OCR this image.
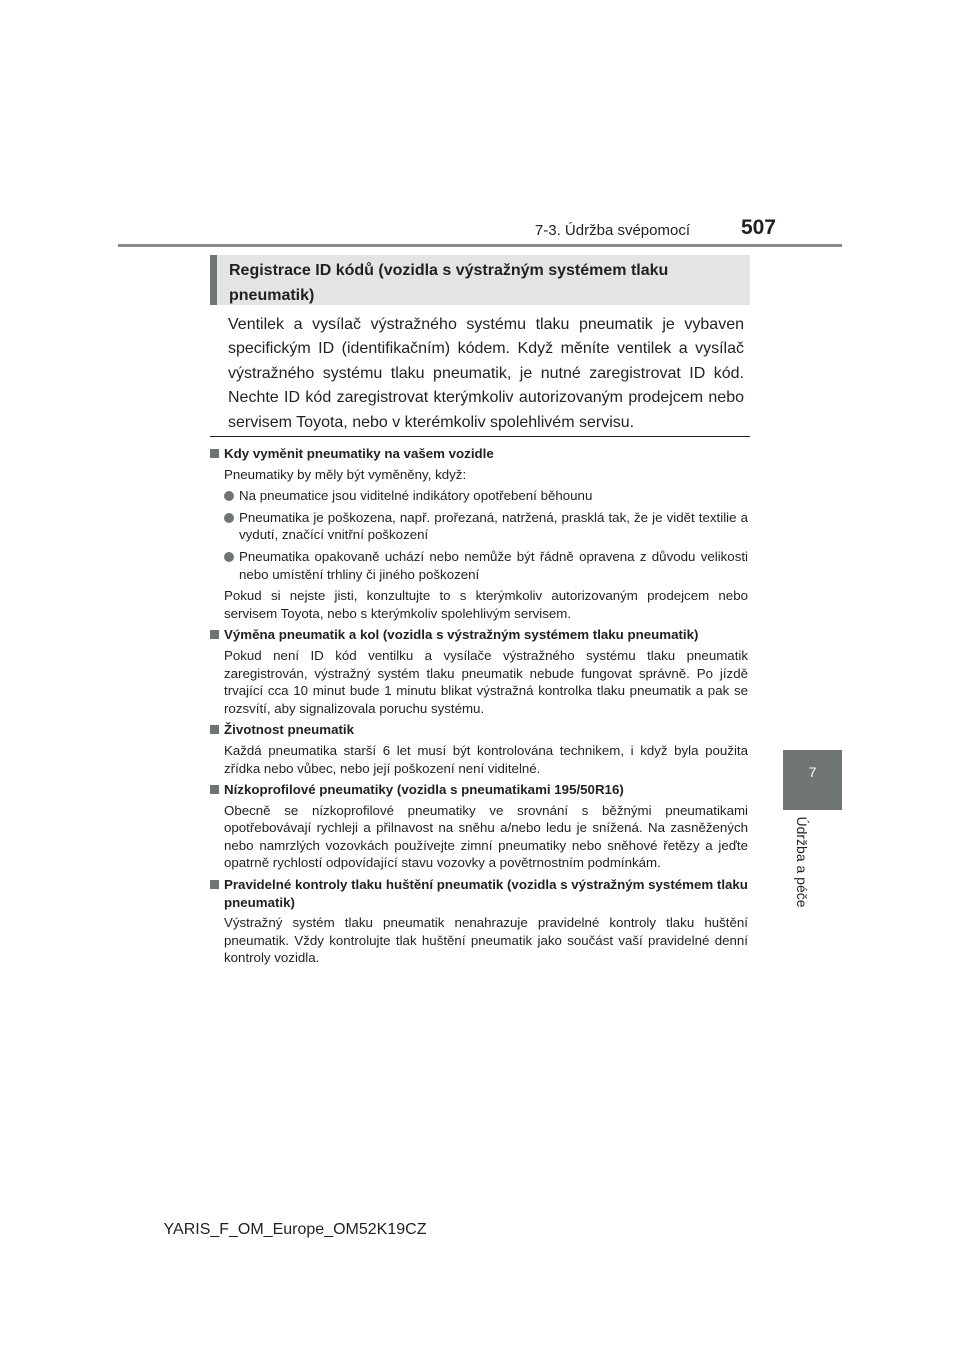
7-3. Údržba svépomocí	507
7
Údržba a péče
Registrace ID kódů (vozidla s výstražným systémem tlaku pneumatik)
Ventilek a vysílač výstražného systému tlaku pneumatik je vybaven specifickým ID (identifikačním) kódem. Když měníte ventilek a vysílač výstražného systému tlaku pneumatik, je nutné zaregistrovat ID kód. Nechte ID kód zaregistrovat kterýmkoliv autorizovaným prodejcem nebo servisem Toyota, nebo v kterémkoliv spolehlivém servisu.
Kdy vyměnit pneumatiky na vašem vozidle
Pneumatiky by měly být vyměněny, když:
Na pneumatice jsou viditelné indikátory opotřebení běhounu
Pneumatika je poškozena, např. prořezaná, natržená, prasklá tak, že je vidět textilie a vydutí, značící vnitřní poškození
Pneumatika opakovaně uchází nebo nemůže být řádně opravena z důvodu velikosti nebo umístění trhliny či jiného poškození
Pokud si nejste jisti, konzultujte to s kterýmkoliv autorizovaným prodejcem nebo servisem Toyota, nebo s kterýmkoliv spolehlivým servisem.
Výměna pneumatik a kol (vozidla s výstražným systémem tlaku pneumatik)
Pokud není ID kód ventilku a vysílače výstražného systému tlaku pneumatik zaregistrován, výstražný systém tlaku pneumatik nebude fungovat správně. Po jízdě trvající cca 10 minut bude 1 minutu blikat výstražná kontrolka tlaku pneumatik a pak se rozsvítí, aby signalizovala poruchu systému.
Životnost pneumatik
Každá pneumatika starší 6 let musí být kontrolována technikem, i když byla použita zřídka nebo vůbec, nebo její poškození není viditelné.
Nízkoprofilové pneumatiky (vozidla s pneumatikami 195/50R16)
Obecně se nízkoprofilové pneumatiky ve srovnání s běžnými pneumatikami opotřebovávají rychleji a přilnavost na sněhu a/nebo ledu je snížená. Na zasněžených nebo namrzlých vozovkách používejte zimní pneumatiky nebo sněhové řetězy a jeďte opatrně rychlostí odpovídající stavu vozovky a povětrnostním podmínkám.
Pravidelné kontroly tlaku huštění pneumatik (vozidla s výstražným systémem tlaku pneumatik)
Výstražný systém tlaku pneumatik nenahrazuje pravidelné kontroly tlaku huštění pneumatik. Vždy kontrolujte tlak huštění pneumatik jako součást vaší pravidelné denní kontroly vozidla.
YARIS_F_OM_Europe_OM52K19CZ
